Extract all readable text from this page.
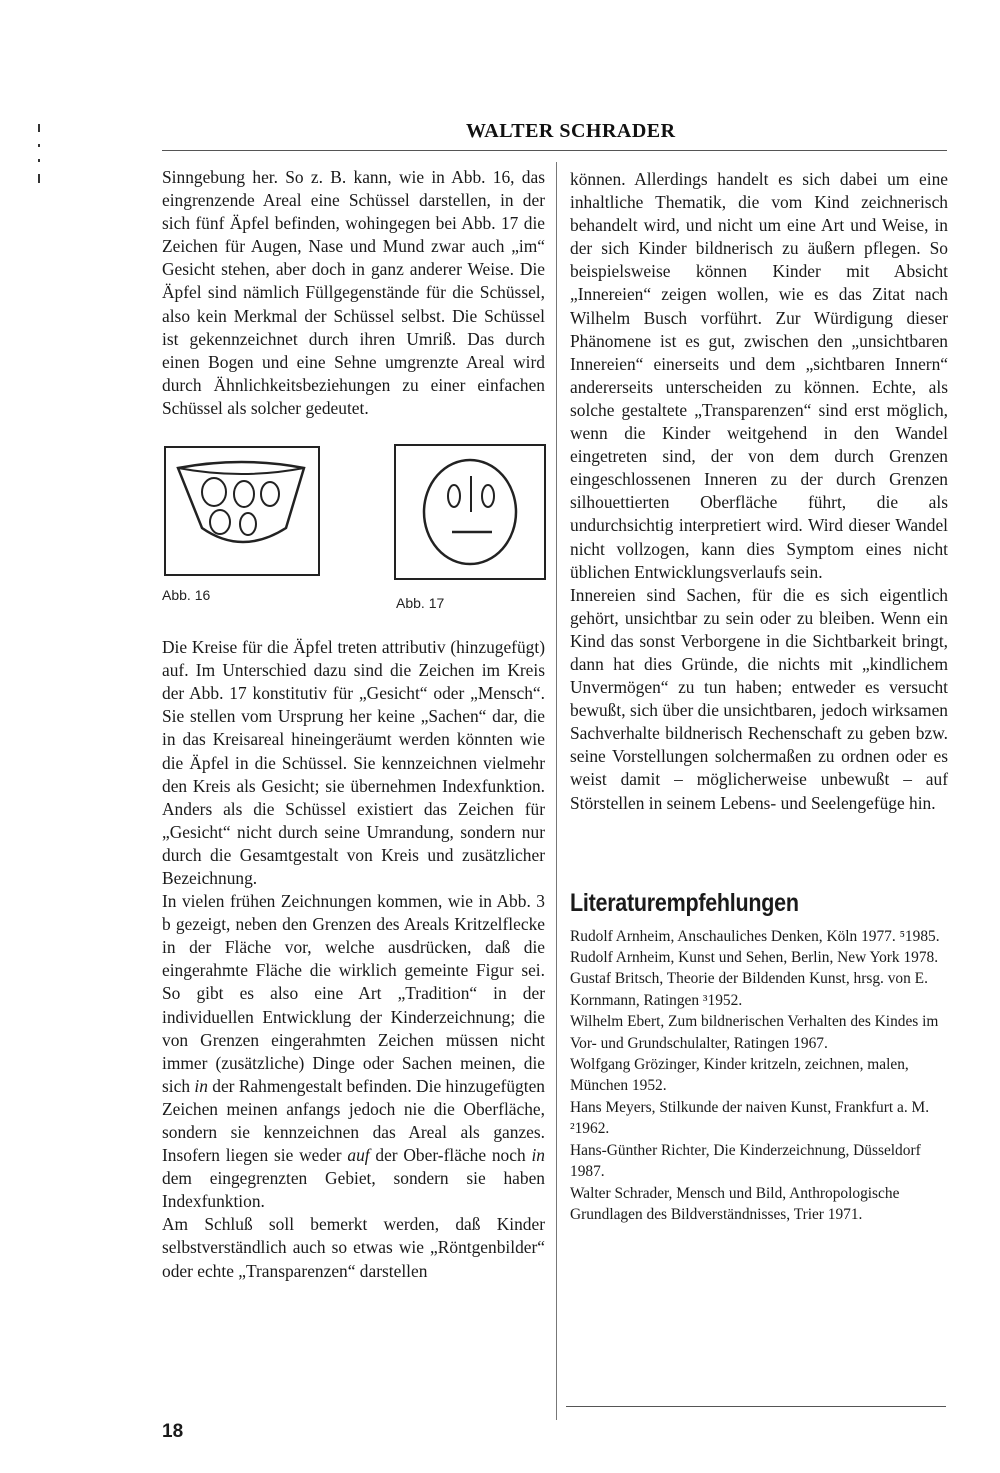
WALTER SCHRADER

Sinngebung her. So z. B. kann, wie in Abb. 16, das eingrenzende Areal eine Schüssel darstellen, in der sich fünf Äpfel befinden, wohingegen bei Abb. 17 die Zeichen für Augen, Nase und Mund zwar auch „im“ Gesicht stehen, aber doch in ganz anderer Weise. Die Äpfel sind nämlich Füllgegenstände für die Schüssel, also kein Merkmal der Schüssel selbst. Die Schüssel ist gekennzeichnet durch ihren Umriß. Das durch einen Bogen und eine Sehne umgrenzte Areal wird durch Ähnlichkeitsbeziehungen zu einer einfachen Schüssel als solcher gedeutet.

Abb. 16	Abb. 17

Die Kreise für die Äpfel treten attributiv (hinzugefügt) auf. Im Unterschied dazu sind die Zeichen im Kreis der Abb. 17 konstitutiv für „Gesicht“ oder „Mensch“. Sie stellen vom Ursprung her keine „Sachen“ dar, die in das Kreisareal hineingeräumt werden könnten wie die Äpfel in die Schüssel. Sie kennzeichnen vielmehr den Kreis als Gesicht; sie übernehmen Indexfunktion. Anders als die Schüssel existiert das Zeichen für „Gesicht“ nicht durch seine Umrandung, sondern nur durch die Gesamtgestalt von Kreis und zusätzlicher Bezeichnung.

In vielen frühen Zeichnungen kommen, wie in Abb. 3 b gezeigt, neben den Grenzen des Areals Kritzelflecke in der Fläche vor, welche ausdrücken, daß die eingerahmte Fläche die wirklich gemeinte Figur sei. So gibt es also eine Art „Tradition“ in der individuellen Entwicklung der Kinderzeichnung; die von Grenzen eingerahmten Zeichen müssen nicht immer (zusätzliche) Dinge oder Sachen meinen, die sich in der Rahmengestalt befinden. Die hinzugefügten Zeichen meinen anfangs jedoch nie die Oberfläche, sondern sie kennzeichnen das Areal als ganzes. Insofern liegen sie weder auf der Ober-fläche noch in dem eingegrenzten Gebiet, sondern sie haben Indexfunktion.

Am Schluß soll bemerkt werden, daß Kinder selbstverständlich auch so etwas wie „Röntgenbilder“ oder echte „Transparenzen“ darstellen

können. Allerdings handelt es sich dabei um eine inhaltliche Thematik, die vom Kind zeichnerisch behandelt wird, und nicht um eine Art und Weise, in der sich Kinder bildnerisch zu äußern pflegen. So beispielsweise können Kinder mit Absicht „Innereien“ zeigen wollen, wie es das Zitat nach Wilhelm Busch vorführt. Zur Würdigung dieser Phänomene ist es gut, zwischen den „unsichtbaren Innereien“ einerseits und dem „sichtbaren Innern“ andererseits unterscheiden zu können. Echte, als solche gestaltete „Transparenzen“ sind erst möglich, wenn die Kinder weitgehend in den Wandel eingetreten sind, der von dem durch Grenzen eingeschlossenen Inneren zu der durch Grenzen silhouettierten Oberfläche führt, die als undurchsichtig interpretiert wird. Wird dieser Wandel nicht vollzogen, kann dies Symptom eines nicht üblichen Entwicklungsverlaufs sein.

Innereien sind Sachen, für die es sich eigentlich gehört, unsichtbar zu sein oder zu bleiben. Wenn ein Kind das sonst Verborgene in die Sichtbarkeit bringt, dann hat dies Gründe, die nichts mit „kindlichem Unvermögen“ zu tun haben; entweder es versucht bewußt, sich über die unsichtbaren, jedoch wirksamen Sachverhalte bildnerisch Rechenschaft zu geben bzw. seine Vorstellungen solchermaßen zu ordnen oder es weist damit – möglicherweise unbewußt – auf Störstellen in seinem Lebens- und Seelengefüge hin.

Literaturempfehlungen
Rudolf Arnheim, Anschauliches Denken, Köln 1977. ⁵1985.
Rudolf Arnheim, Kunst und Sehen, Berlin, New York 1978.
Gustaf Britsch, Theorie der Bildenden Kunst, hrsg. von E. Kornmann, Ratingen ³1952.
Wilhelm Ebert, Zum bildnerischen Verhalten des Kindes im Vor- und Grundschulalter, Ratingen 1967.
Wolfgang Grözinger, Kinder kritzeln, zeichnen, malen, München 1952.
Hans Meyers, Stilkunde der naiven Kunst, Frankfurt a. M. ²1962.
Hans-Günther Richter, Die Kinderzeichnung, Düsseldorf 1987.
Walter Schrader, Mensch und Bild, Anthropologische Grundlagen des Bildverständnisses, Trier 1971.
18
